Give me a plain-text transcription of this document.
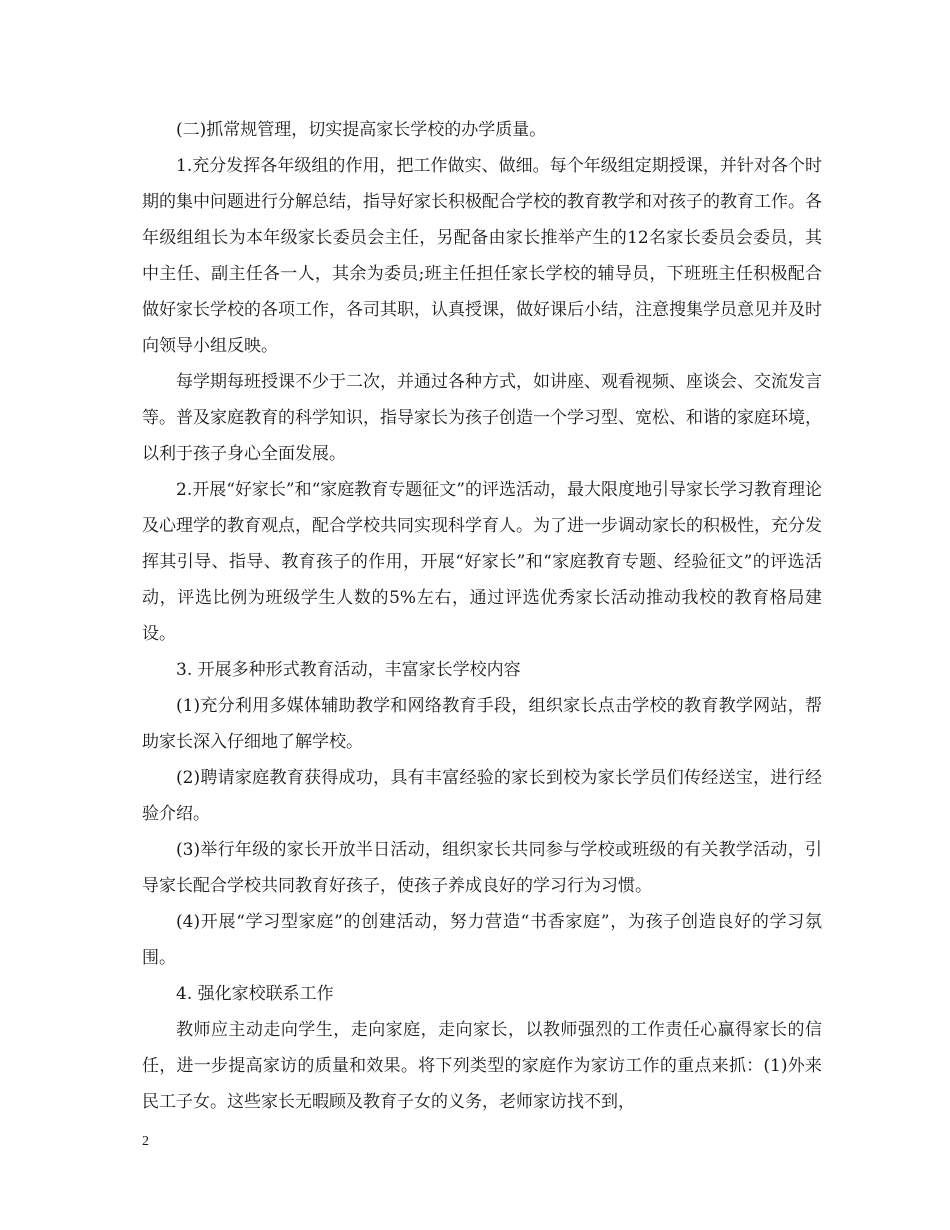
(二)抓常规管理，切实提高家长学校的办学质量。

1.充分发挥各年级组的作用，把工作做实、做细。每个年级组定期授课，并针对各个时期的集中问题进行分解总结，指导好家长积极配合学校的教育教学和对孩子的教育工作。各年级组组长为本年级家长委员会主任，另配备由家长推举产生的12名家长委员会委员，其中主任、副主任各一人，其余为委员;班主任担任家长学校的辅导员，下班班主任积极配合做好家长学校的各项工作，各司其职，认真授课，做好课后小结，注意搜集学员意见并及时向领导小组反映。

每学期每班授课不少于二次，并通过各种方式，如讲座、观看视频、座谈会、交流发言等。普及家庭教育的科学知识，指导家长为孩子创造一个学习型、宽松、和谐的家庭环境，以利于孩子身心全面发展。

2.开展“好家长”和“家庭教育专题征文”的评选活动，最大限度地引导家长学习教育理论及心理学的教育观点，配合学校共同实现科学育人。为了进一步调动家长的积极性，充分发挥其引导、指导、教育孩子的作用，开展“好家长”和“家庭教育专题、经验征文”的评选活动，评选比例为班级学生人数的5%左右，通过评选优秀家长活动推动我校的教育格局建设。

3. 开展多种形式教育活动，丰富家长学校内容

(1)充分利用多媒体辅助教学和网络教育手段，组织家长点击学校的教育教学网站，帮助家长深入仔细地了解学校。

(2)聘请家庭教育获得成功，具有丰富经验的家长到校为家长学员们传经送宝，进行经验介绍。

(3)举行年级的家长开放半日活动，组织家长共同参与学校或班级的有关教学活动，引导家长配合学校共同教育好孩子，使孩子养成良好的学习行为习惯。

(4)开展“学习型家庭”的创建活动，努力营造“书香家庭”，为孩子创造良好的学习氛围。

4. 强化家校联系工作

教师应主动走向学生，走向家庭，走向家长，以教师强烈的工作责任心赢得家长的信任，进一步提高家访的质量和效果。将下列类型的家庭作为家访工作的重点来抓：(1)外来民工子女。这些家长无暇顾及教育子女的义务，老师家访找不到，

2
